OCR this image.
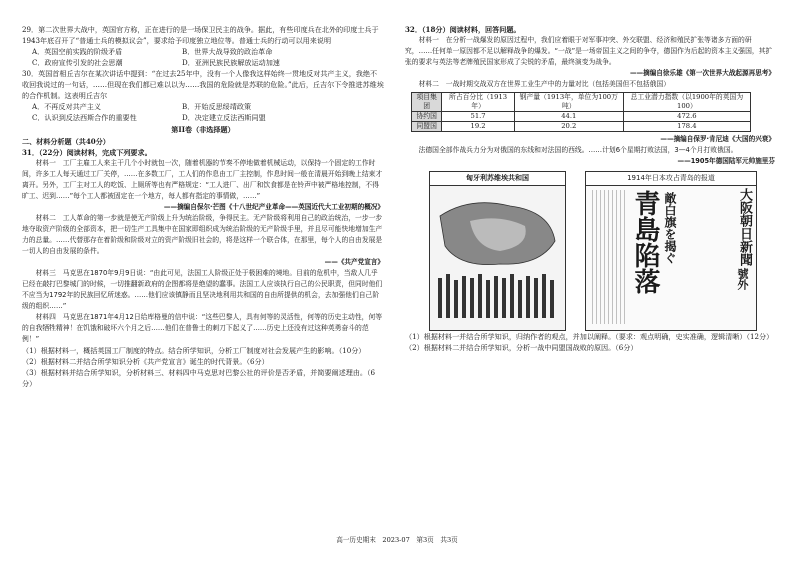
29．第二次世界大战中，英国官方称，正在进行的是一场保卫民主的战争。据此，有些印度兵在北外的印度士兵于1943年底召开了“普通士兵的模拟议会”，要求给予印度独立地位等。普通士兵的行动可以用来说明

A．英国空前实践的阶级矛盾	B．世界大战导致的政治革命
C．政府宣传引发的社会思潮	D．亚洲民族民族解放运动加速

30．英国首相丘吉尔在某次讲话中提到：“在过去25年中，没有一个人像我这样始终一贯地反对共产主义，我绝不收回我说过的一句话，……但现在我们都已难以以为……我国的危险就是苏联的危险。”此后，丘吉尔下令推进苏维埃的合作机制。这表明丘吉尔

A．不再反对共产主义	B．开始反思绥靖政策
C．认识到反法西斯合作的重要性	D．决定建立反法西斯同盟

第II卷（非选择题）

二、材料分析题（共40分）

31．（22分）阅读材料，完成下列要求。

材料一　工厂主雇工人来主干几个小时就包一次，随着机器的节奏不停地做着机械运动，以保持一个固定的工作时间，许多工人每天通过工厂关停，……在多数工厂，工人们的作息由工厂主控制，作息时间一般在清晨开始到晚上结束才离开。另外，工厂主对工人的吃饭、上厕所等也有严格规定：“工人进厂、出厂和饮食都是在铃声中被严格地控制，不得旷工、迟到……”每个工人都被固定在一个地方，每人都有指定的事情做，……”

——摘编自保尔·芒图《十八世纪产业革命——英国近代大工业初期的概况》

材料二　工人革命的第一步就是使无产阶级上升为统治阶级，争得民主。无产阶级将利用自己的政治统治，一步一步地夺取资产阶级的全部资本，把一切生产工具集中在国家即组织成为统治阶级的无产阶级手里，并且尽可能快地增加生产力的总量。……代替那存在着阶级和阶级对立的资产阶级旧社会的，将是这样一个联合体，在那里，每个人的自由发展是一切人的自由发展的条件。

——《共产党宣言》

材料三　马克思在1870年9月9日说：“由此可见，法国工人阶级正处于极困难的境地。目前的危机中，当敌人几乎已经在敲打巴黎城门的时候，一切推翻新政府的企图都将是绝望的蠢事。法国工人应该执行自己的公民职责，但同时他们不应当为1792年的民族回忆所迷惑。……他们应该镇静而且坚决地利用共和国的自由所提供的机会，去加强他们自己阶级的组织……”

材料四　马克思在1871年4月12日给库格曼的信中说：“这些巴黎人，具有何等的灵活性，何等的历史主动性，何等的自我牺牲精神！在饥饿和破坏六个月之后……他们在普鲁士的刺刀下起义了……历史上还没有过这种英勇奋斗的范例！”

（1）根据材料一，概括英国工厂制度的特点。结合所学知识，分析工厂制度对社会发展产生的影响。（10分）

（2）根据材料二并结合所学知识分析《共产党宣言》诞生的时代背景。（6分）

（3）根据材料并结合所学知识，分析材料三、材料四中马克思对巴黎公社的评价是否矛盾，并简要阐述理由。（6分）

32．（18分）阅读材料，回答问题。

材料一　在分析一战爆发的原因过程中，我们应着眼于对军事冲突、外交联盟、经济和殖民扩张等诸多方面的研究，……任何单一原因都不足以解释战争的爆发。“一战”是一场帝国主义之间的争夺，德国作为后起的资本主义强国，其扩张的要求与英法等老牌殖民国家形成了尖锐的矛盾，最终演变为战争。

——摘编自徐乐雄《第一次世界大战起源再思考》

材料二　一战时期交战双方在世界工业生产中的力量对比（包括美国但不包括俄国）

项目集团	所占百分比（1913年）	钢产量（1913年，单位为100万吨）	总工业潜力指数（以1900年的英国为100）
协约国	51.7	44.1	472.6
同盟国	19.2	20.2	178.4

——摘编自保罗·肯尼迪《大国的兴衰》

法德国全部作战兵力分为对俄国的东线和对法国的西线。……计划6个星期打败法国，3—4个月打败俄国。

——1905年德国陆军元帅施里芬

匈牙利苏维埃共和国	1914年日本攻占青岛的报道
大阪朝日新聞
號外
青島陷落 敵白旗を揭ぐ

（1）根据材料一并结合所学知识，归纳作者的观点，并加以阐释。（要求：观点明确，史实准确，逻辑清晰）（12分）

（2）根据材料二并结合所学知识，分析一战中同盟国战败的原因。（6分）

高一历史期末　2023-07　第3页　共3页
